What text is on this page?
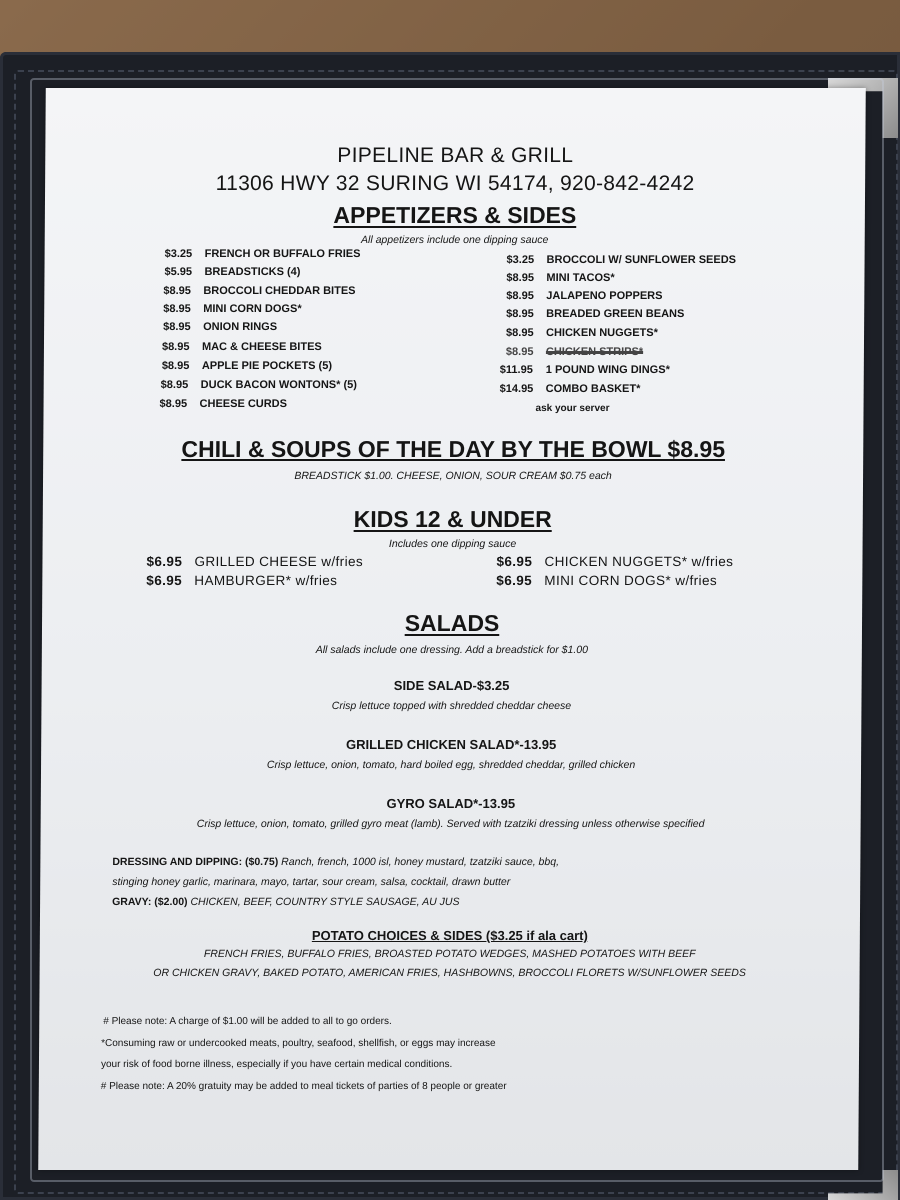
PIPELINE BAR & GRILL
11306 HWY 32 SURING WI 54174, 920-842-4242
APPETIZERS & SIDES
All appetizers include one dipping sauce
$3.25 FRENCH OR BUFFALO FRIES
$5.95 BREADSTICKS (4)
$8.95 BROCCOLI CHEDDAR BITES
$8.95 MINI CORN DOGS*
$8.95 ONION RINGS
$8.95 MAC & CHEESE BITES
$8.95 APPLE PIE POCKETS (5)
$8.95 DUCK BACON WONTONS* (5)
$8.95 CHEESE CURDS
$3.25 BROCCOLI W/ SUNFLOWER SEEDS
$8.95 MINI TACOS*
$8.95 JALAPENO POPPERS
$8.95 BREADED GREEN BEANS
$8.95 CHICKEN NUGGETS*
$8.95 CHICKEN STRIPS*
$11.95 1 POUND WING DINGS*
$14.95 COMBO BASKET*
ask your server
CHILI & SOUPS OF THE DAY BY THE BOWL $8.95
BREADSTICK $1.00. CHEESE, ONION, SOUR CREAM $0.75 each
KIDS 12 & UNDER
Includes one dipping sauce
$6.95 GRILLED CHEESE w/fries
$6.95 HAMBURGER* w/fries
$6.95 CHICKEN NUGGETS* w/fries
$6.95 MINI CORN DOGS* w/fries
SALADS
All salads include one dressing. Add a breadstick for $1.00
SIDE SALAD-$3.25
Crisp lettuce topped with shredded cheddar cheese
GRILLED CHICKEN SALAD*-13.95
Crisp lettuce, onion, tomato, hard boiled egg, shredded cheddar, grilled chicken
GYRO SALAD*-13.95
Crisp lettuce, onion, tomato, grilled gyro meat (lamb). Served with tzatziki dressing unless otherwise specified
DRESSING AND DIPPING: ($0.75) Ranch, french, 1000 isl, honey mustard, tzatziki sauce, bbq,
stinging honey garlic, marinara, mayo, tartar, sour cream, salsa, cocktail, drawn butter
GRAVY: ($2.00) CHICKEN, BEEF, COUNTRY STYLE SAUSAGE, AU JUS
POTATO CHOICES & SIDES ($3.25 if ala cart)
FRENCH FRIES, BUFFALO FRIES, BROASTED POTATO WEDGES, MASHED POTATOES WITH BEEF
OR CHICKEN GRAVY, BAKED POTATO, AMERICAN FRIES, HASHBOWNS, BROCCOLI FLORETS W/SUNFLOWER SEEDS
# Please note: A charge of $1.00 will be added to all to go orders.
*Consuming raw or undercooked meats, poultry, seafood, shellfish, or eggs may increase
your risk of food borne illness, especially if you have certain medical conditions.
# Please note: A 20% gratuity may be added to meal tickets of parties of 8 people or greater
